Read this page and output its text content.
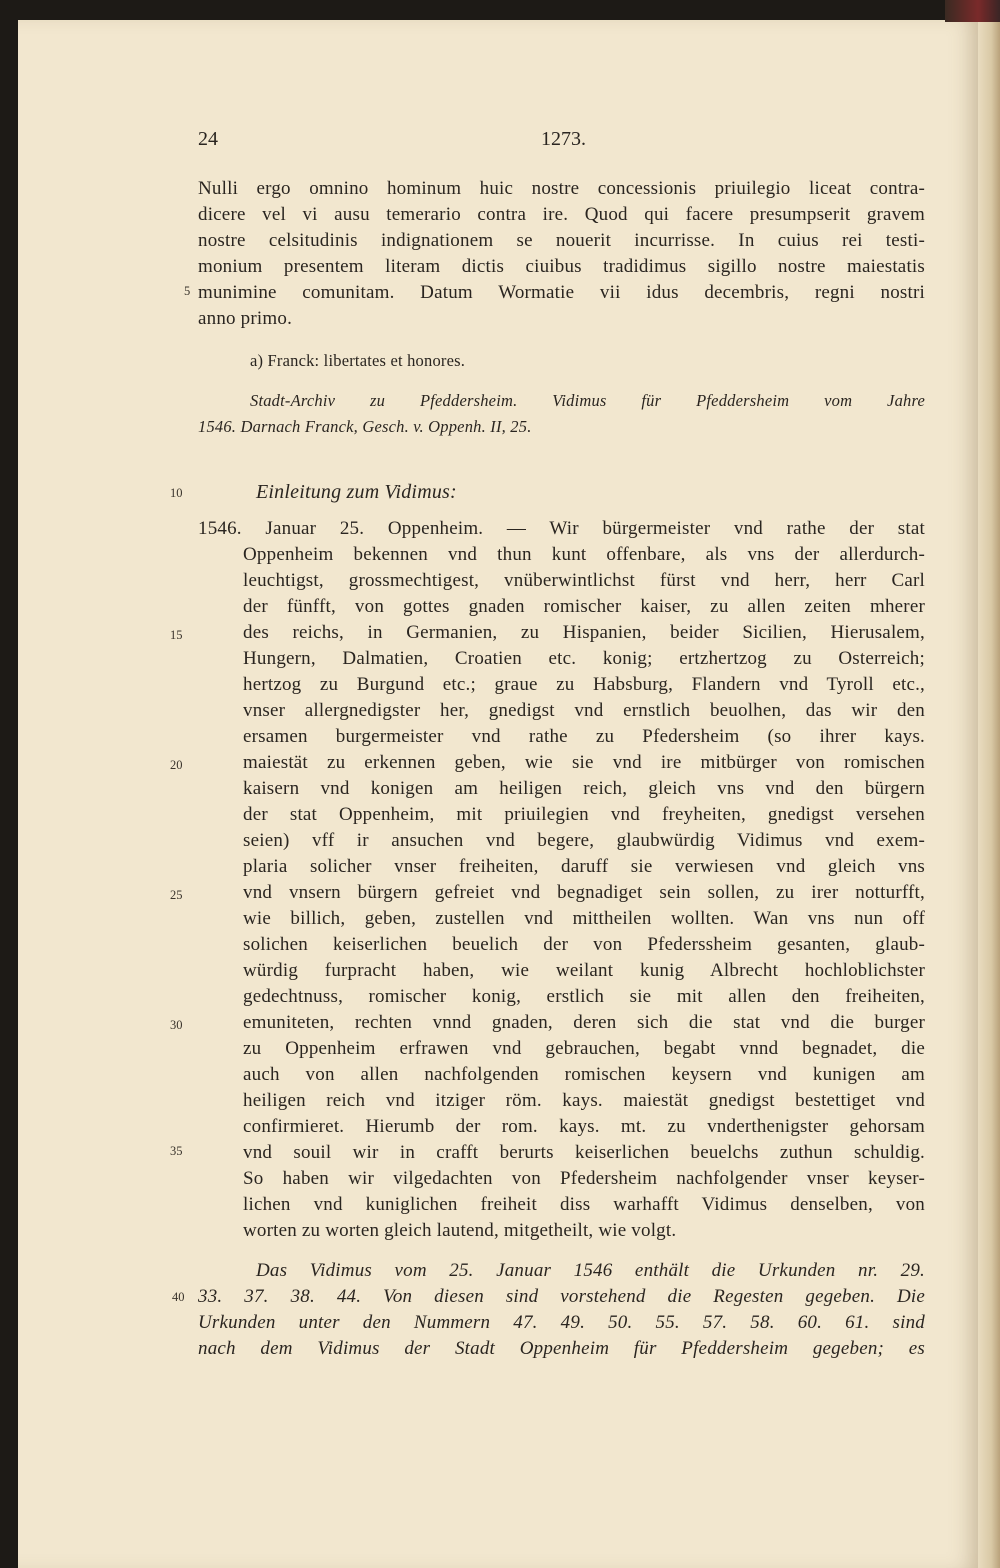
24	1273.
Nulli ergo omnino hominum huic nostre concessionis priuilegio liceat contra-
dicere vel vi ausu temerario contra ire. Quod qui facere presumpserit gravem
nostre celsitudinis indignationem se nouerit incurrisse. In cuius rei testi-
monium presentem literam dictis ciuibus tradidimus sigillo nostre maiestatis
munimine comunitam. Datum Wormatie vii idus decembris, regni nostri
anno primo.
a) Franck: libertates et honores.
Stadt-Archiv zu Pfeddersheim. Vidimus für Pfeddersheim vom Jahre
1546. Darnach Franck, Gesch. v. Oppenh. II, 25.
Einleitung zum Vidimus:
1546. Januar 25. Oppenheim. — Wir bürgermeister vnd rathe der stat
Oppenheim bekennen vnd thun kunt offenbare, als vns der allerdurch-
leuchtigst, grossmechtigest, vnüberwintlichst fürst vnd herr, herr Carl
der fünfft, von gottes gnaden romischer kaiser, zu allen zeiten mherer
des reichs, in Germanien, zu Hispanien, beider Sicilien, Hierusalem,
Hungern, Dalmatien, Croatien etc. konig; ertzhertzog zu Osterreich;
hertzog zu Burgund etc.; graue zu Habsburg, Flandern vnd Tyroll etc.,
vnser allergnedigster her, gnedigst vnd ernstlich beuolhen, das wir den
ersamen burgermeister vnd rathe zu Pfedersheim (so ihrer kays.
maiestät zu erkennen geben, wie sie vnd ire mitbürger von romischen
kaisern vnd konigen am heiligen reich, gleich vns vnd den bürgern
der stat Oppenheim, mit priuilegien vnd freyheiten, gnedigst versehen
seien) vff ir ansuchen vnd begere, glaubwürdig Vidimus vnd exem-
plaria solicher vnser freiheiten, daruff sie verwiesen vnd gleich vns
vnd vnsern bürgern gefreiet vnd begnadiget sein sollen, zu irer notturfft,
wie billich, geben, zustellen vnd mittheilen wollten. Wan vns nun off
solichen keiserlichen beuelich der von Pfederssheim gesanten, glaub-
würdig furpracht haben, wie weilant kunig Albrecht hochloblichster
gedechtnuss, romischer konig, erstlich sie mit allen den freiheiten,
emuniteten, rechten vnnd gnaden, deren sich die stat vnd die burger
zu Oppenheim erfrawen vnd gebrauchen, begabt vnnd begnadet, die
auch von allen nachfolgenden romischen keysern vnd kunigen am
heiligen reich vnd itziger röm. kays. maiestät gnedigst bestettiget vnd
confirmieret. Hierumb der rom. kays. mt. zu vnderthenigster gehorsam
vnd souil wir in crafft berurts keiserlichen beuelchs zuthun schuldig.
So haben wir vilgedachten von Pfedersheim nachfolgender vnser keyser-
lichen vnd kuniglichen freiheit diss warhafft Vidimus denselben, von
worten zu worten gleich lautend, mitgetheilt, wie volgt.
Das Vidimus vom 25. Januar 1546 enthält die Urkunden nr. 29.
33. 37. 38. 44. Von diesen sind vorstehend die Regesten gegeben. Die
Urkunden unter den Nummern 47. 49. 50. 55. 57. 58. 60. 61. sind
nach dem Vidimus der Stadt Oppenheim für Pfeddersheim gegeben; es
5
10
15
20
25
30
35
40
